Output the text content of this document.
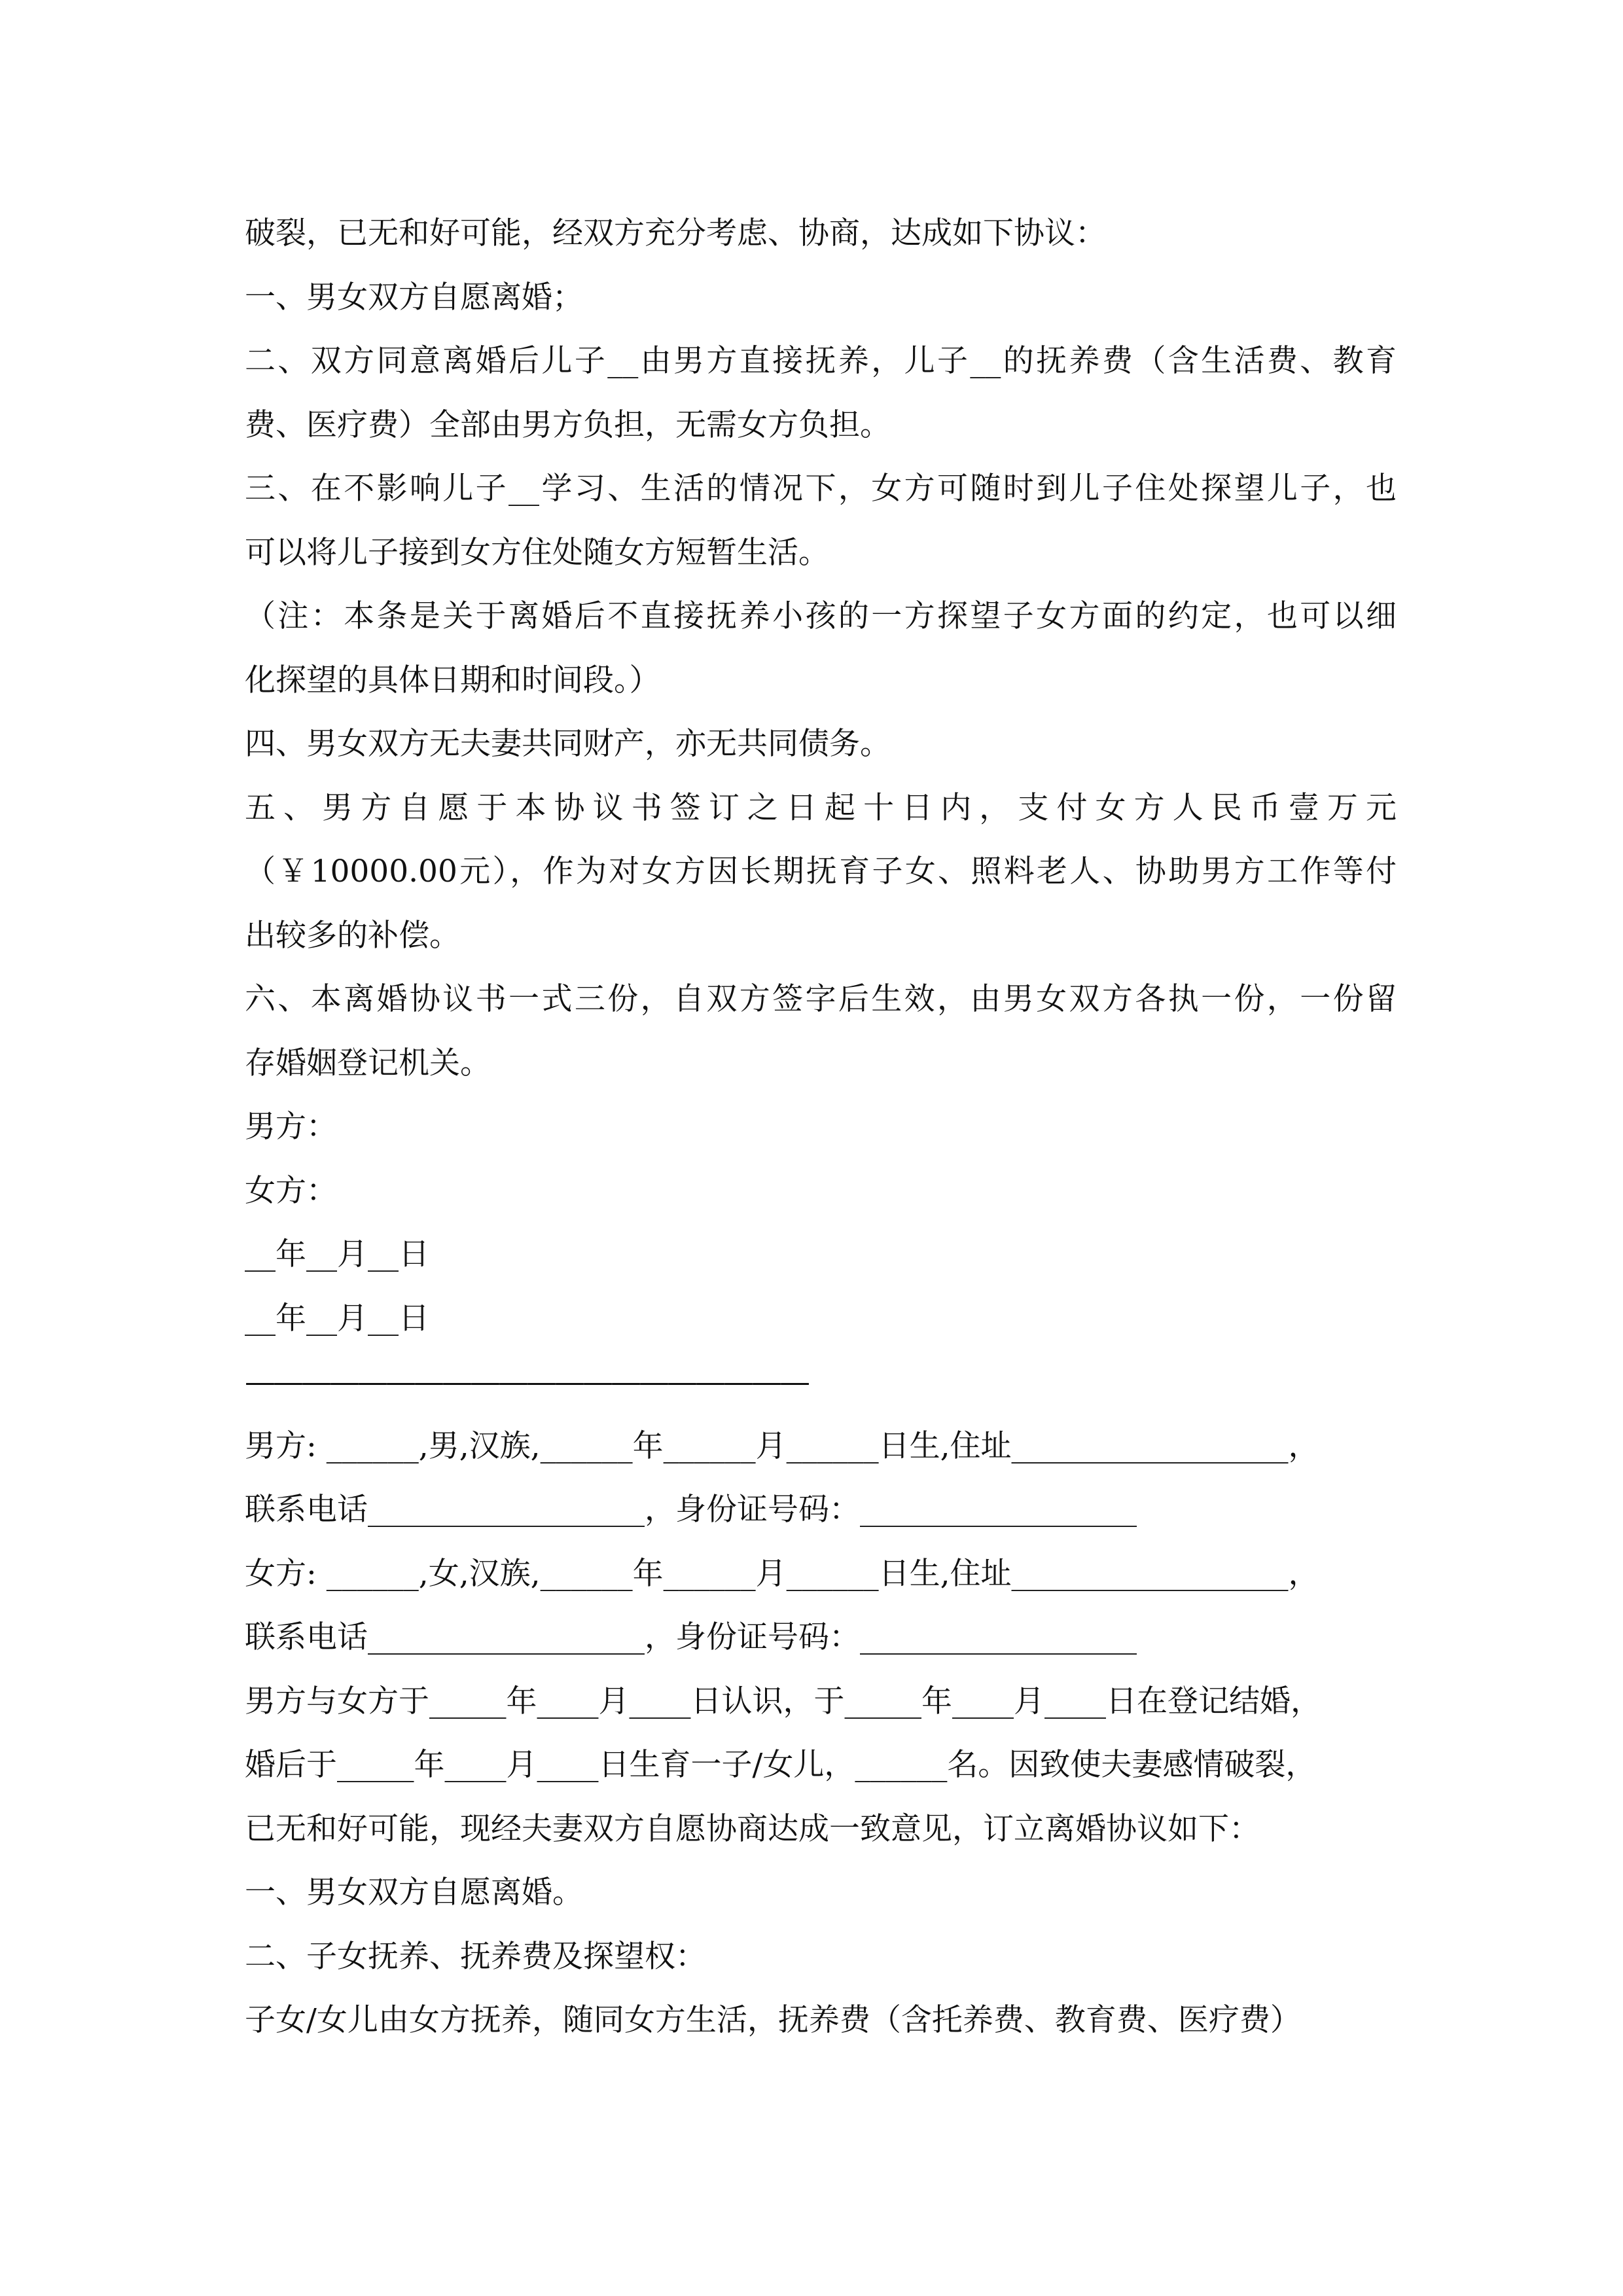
破裂，已无和好可能，经双方充分考虑、协商，达成如下协议：
一、男女双方自愿离婚；
二、双方同意离婚后儿子__由男方直接抚养，儿子__的抚养费（含生活费、教育
费、医疗费）全部由男方负担，无需女方负担。
三、在不影响儿子__学习、生活的情况下，女方可随时到儿子住处探望儿子，也
可以将儿子接到女方住处随女方短暂生活。
（注：本条是关于离婚后不直接抚养小孩的一方探望子女方面的约定，也可以细
化探望的具体日期和时间段。）
四、男女双方无夫妻共同财产，亦无共同债务。
五、男方自愿于本协议书签订之日起十日内，支付女方人民币壹万元
（￥10000.00元），作为对女方因长期抚育子女、照料老人、协助男方工作等付
出较多的补偿。
六、本离婚协议书一式三份，自双方签字后生效，由男女双方各执一份，一份留
存婚姻登记机关。
男方：
女方：
__年__月__日
__年__月__日
————————————————————
男方: ______,男,汉族,______年______月______日生,住址__________________，
联系电话__________________，身份证号码：__________________
女方: ______,女,汉族,______年______月______日生,住址__________________，
联系电话__________________，身份证号码：__________________
男方与女方于_____年____月____日认识，于_____年____月____日在登记结婚，
婚后于_____年____月____日生育一子/女儿，______名。因致使夫妻感情破裂，
已无和好可能，现经夫妻双方自愿协商达成一致意见，订立离婚协议如下：
一、男女双方自愿离婚。
二、子女抚养、抚养费及探望权：
子女/女儿由女方抚养，随同女方生活，抚养费（含托养费、教育费、医疗费）
